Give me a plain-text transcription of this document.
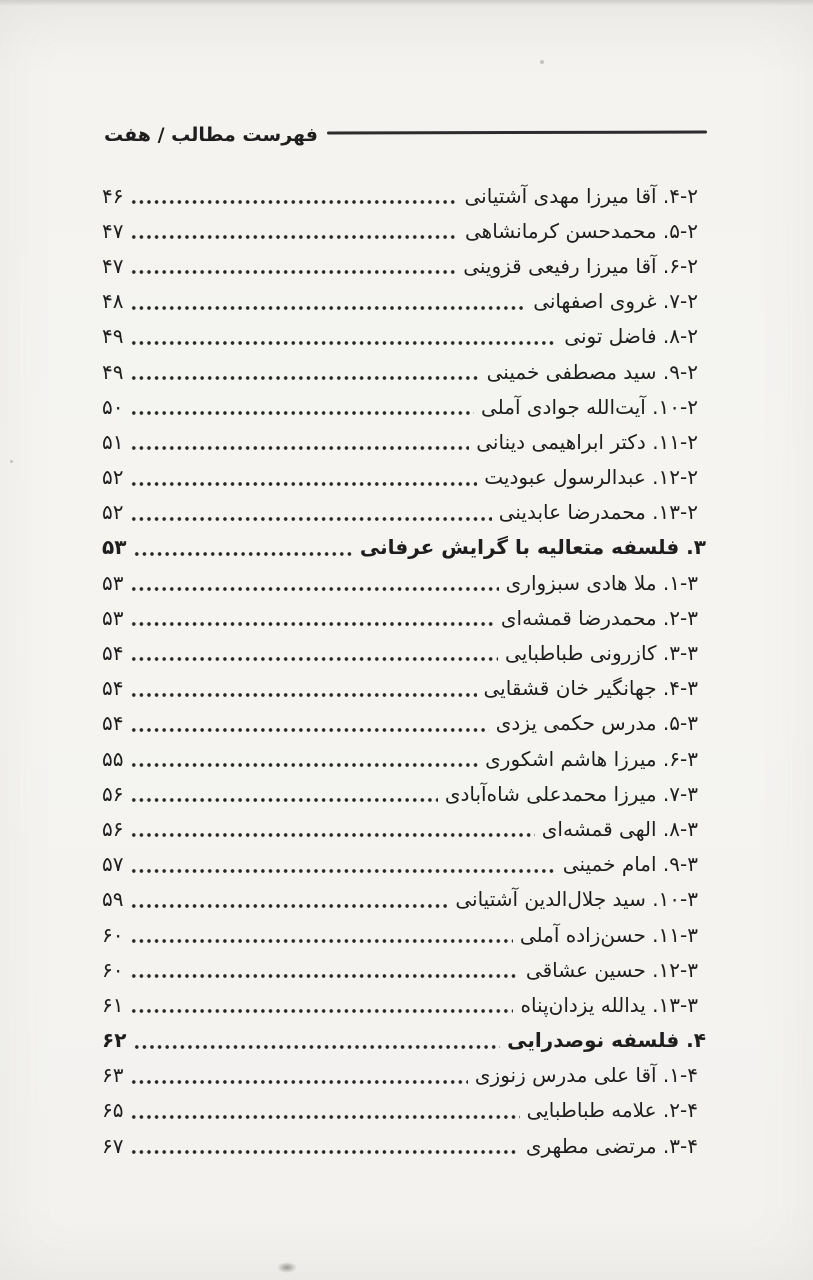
فهرست مطالب / هفت
۲‏-۴. آقا میرزا مهدی آشتیانی
۴۶
۲‏-۵. محمدحسن کرمانشاهی
۴۷
۲‏-۶. آقا میرزا رفیعی قزوینی
۴۷
۲‏-۷. غروی اصفهانی
۴۸
۲‏-۸. فاضل تونی
۴۹
۲‏-۹. سید مصطفی خمینی
۴۹
۲‏-۱۰. آیت‌الله جوادی آملی
۵۰
۲‏-۱۱. دکتر ابراهیمی دینانی
۵۱
۲‏-۱۲. عبدالرسول عبودیت
۵۲
۲‏-۱۳. محمدرضا عابدینی
۵۲
۳. فلسفه متعالیه با گرایش عرفانی
۵۳
۳‏-۱. ملا هادی سبزواری
۵۳
۳‏-۲. محمدرضا قمشه‌ای
۵۳
۳‏-۳. کازرونی طباطبایی
۵۴
۳‏-۴. جهانگیر خان قشقایی
۵۴
۳‏-۵. مدرس حکمی یزدی
۵۴
۳‏-۶. میرزا هاشم اشکوری
۵۵
۳‏-۷. میرزا محمدعلی شاه‌آبادی
۵۶
۳‏-۸. الهی قمشه‌ای
۵۶
۳‏-۹. امام خمینی
۵۷
۳‏-۱۰. سید جلال‌الدین آشتیانی
۵۹
۳‏-۱۱. حسن‌زاده آملی
۶۰
۳‏-۱۲. حسین عشاقی
۶۰
۳‏-۱۳. یدالله یزدان‌پناه
۶۱
۴. فلسفه نوصدرایی
۶۲
۴‏-۱. آقا علی مدرس زنوزی
۶۳
۴‏-۲. علامه طباطبایی
۶۵
۴‏-۳. مرتضی مطهری
۶۷
